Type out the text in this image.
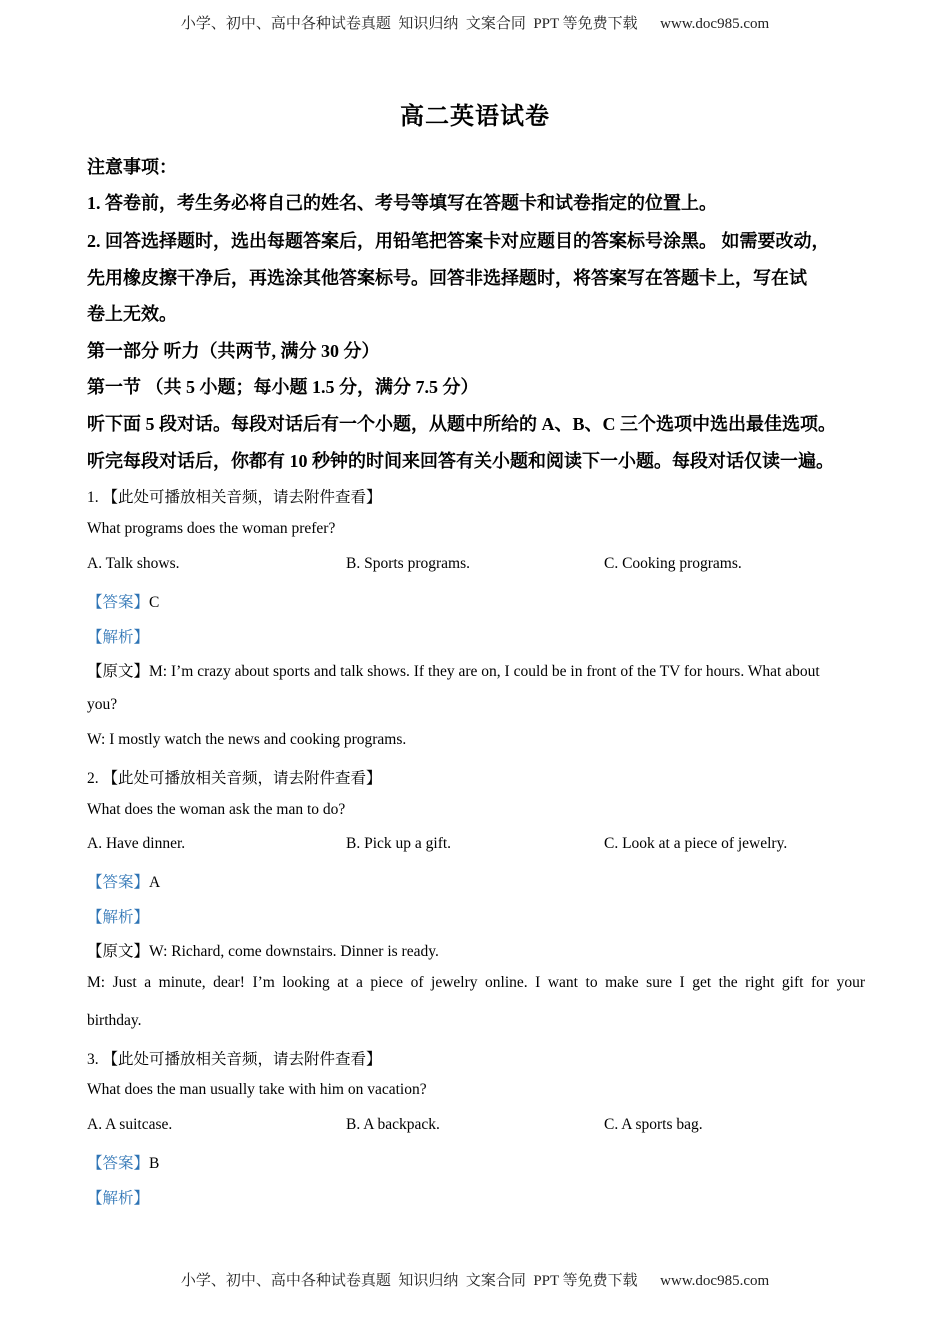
小学、初中、高中各种试卷真题  知识归纳  文案合同  PPT 等免费下载      www.doc985.com
高二英语试卷
注意事项：
1. 答卷前，考生务必将自己的姓名、考号等填写在答题卡和试卷指定的位置上。
2. 回答选择题时，选出每题答案后，用铅笔把答案卡对应题目的答案标号涂黑。 如需要改动，
先用橡皮擦干净后，再选涂其他答案标号。回答非选择题时，将答案写在答题卡上，写在试
卷上无效。
第一部分 听力（共两节, 满分 30 分）
第一节 （共 5 小题；每小题 1.5 分，满分 7.5 分）
听下面 5 段对话。每段对话后有一个小题，从题中所给的 A、B、C 三个选项中选出最佳选项。
听完每段对话后，你都有 10 秒钟的时间来回答有关小题和阅读下一小题。每段对话仅读一遍。
1. 【此处可播放相关音频，请去附件查看】
What programs does the woman prefer?
A. Talk shows.	B. Sports programs.	C. Cooking programs.
【答案】C
【解析】
【原文】M: I’m crazy about sports and talk shows. If they are on, I could be in front of the TV for hours. What about
you?
W: I mostly watch the news and cooking programs.
2. 【此处可播放相关音频，请去附件查看】
What does the woman ask the man to do?
A. Have dinner.	B. Pick up a gift.	C. Look at a piece of jewelry.
【答案】A
【解析】
【原文】W: Richard, come downstairs. Dinner is ready.
M: Just a minute, dear! I’m looking at a piece of jewelry online. I want to make sure I get the right gift for your
birthday.
3. 【此处可播放相关音频，请去附件查看】
What does the man usually take with him on vacation?
A. A suitcase.	B. A backpack.	C. A sports bag.
【答案】B
【解析】
小学、初中、高中各种试卷真题  知识归纳  文案合同  PPT 等免费下载      www.doc985.com
